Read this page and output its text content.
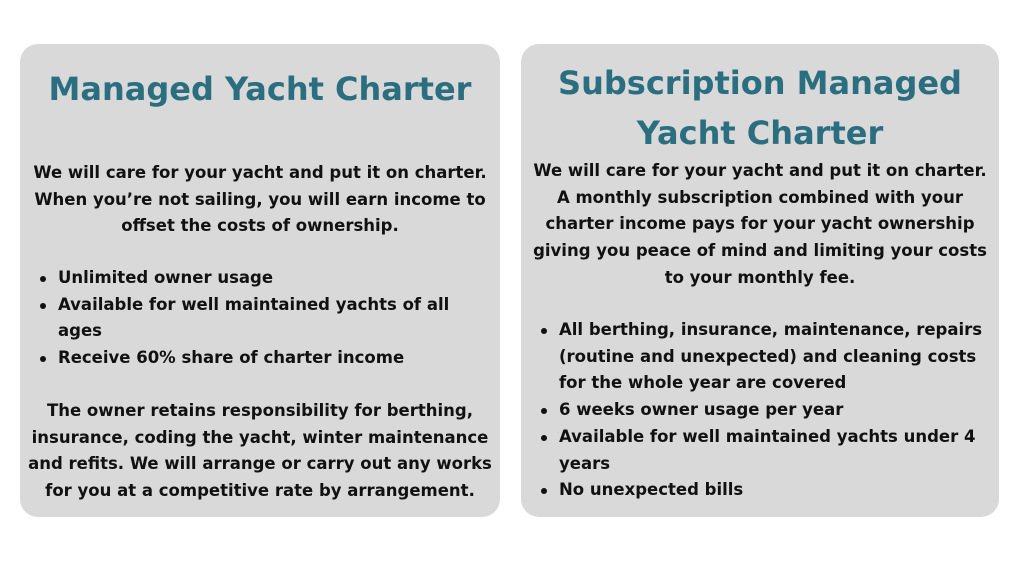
Managed Yacht Charter

We will care for your yacht and put it on charter. When you’re not sailing, you will earn income to offset the costs of ownership.

Unlimited owner usage
Available for well maintained yachts of all ages
Receive 60% share of charter income

The owner retains responsibility for berthing, insurance, coding the yacht, winter maintenance and refits. We will arrange or carry out any works for you at a competitive rate by arrangement.

Subscription Managed Yacht Charter

We will care for your yacht and put it on charter. A monthly subscription combined with your charter income pays for your yacht ownership giving you peace of mind and limiting your costs to your monthly fee.

All berthing, insurance, maintenance, repairs (routine and unexpected) and cleaning costs for the whole year are covered
6 weeks owner usage per year
Available for well maintained yachts under 4 years
No unexpected bills
